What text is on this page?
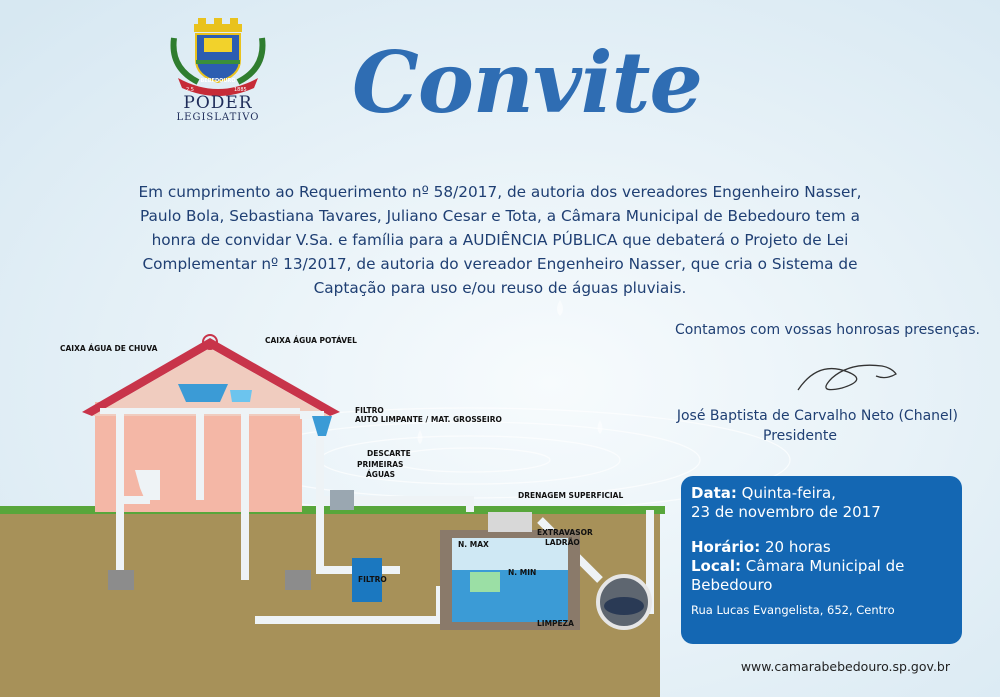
BEBEDOURO
2.5	1885
PODER
LEGISLATIVO	Convite
Em cumprimento ao Requerimento nº 58/2017, de autoria dos vereadores Engenheiro Nasser,
Paulo Bola, Sebastiana Tavares, Juliano Cesar e Tota, a Câmara Municipal de Bebedouro tem a
honra de convidar V.Sa. e família para a AUDIÊNCIA PÚBLICA que debaterá o Projeto de Lei
Complementar nº 13/2017, de autoria do vereador Engenheiro Nasser, que cria o Sistema de
Captação para uso e/ou reuso de águas pluviais.
CAIXA ÁGUA DE CHUVA
CAIXA ÁGUA POTÁVEL
FILTRO
AUTO LIMPANTE / MAT. GROSSEIRO
DESCARTE
PRIMEIRAS
ÁGUAS
DRENAGEM SUPERFICIAL
EXTRAVASOR
LADRÃO
N. MAX
N. MIN
FILTRO
LIMPEZA
Contamos com vossas honrosas presenças.
José Baptista de Carvalho Neto (Chanel)
Presidente
Data: Quinta-feira,
23 de novembro de 2017
Horário: 20 horas
Local: Câmara Municipal de
Bebedouro
Rua Lucas Evangelista, 652, Centro
www.camarabebedouro.sp.gov.br
